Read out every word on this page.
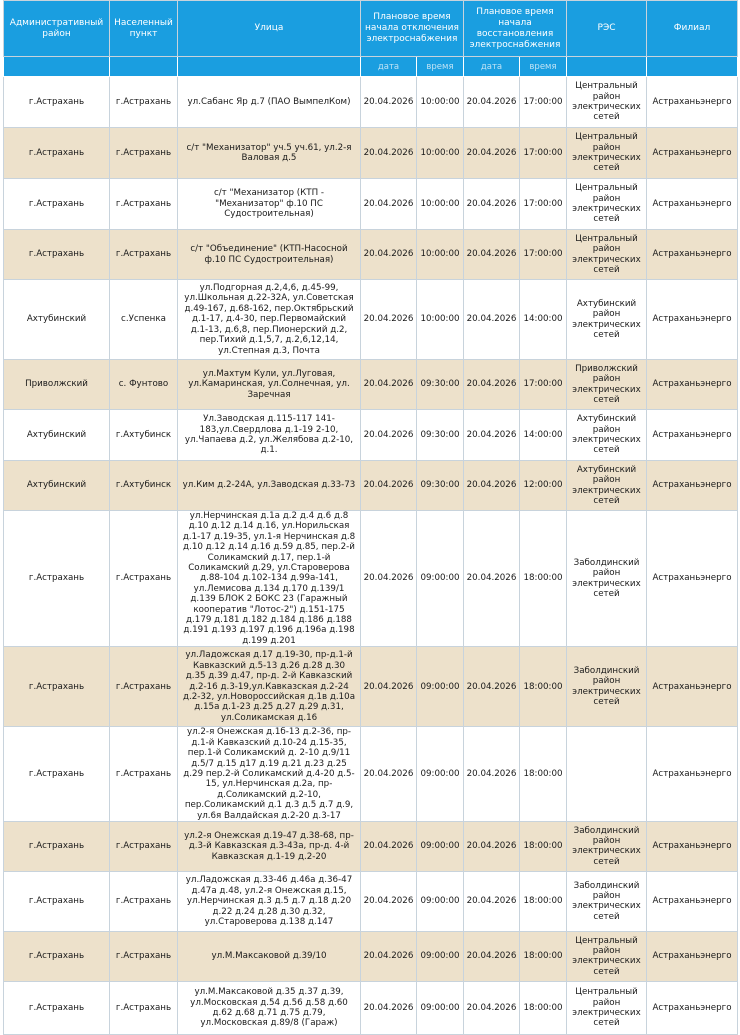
Административный район	Населенный пункт	Улица	Плановое время начала отключения электроснабжения		Плановое время начала восстановления электроснабжения		РЭС	Филиал
			дата	время	дата	время		
г.Астрахань	г.Астрахань	ул.Сабанс Яр д.7 (ПАО ВымпелКом)	20.04.2026	10:00:00	20.04.2026	17:00:00	Центральный район электрических сетей	Астраханьэнерго
г.Астрахань	г.Астрахань	с/т "Механизатор" уч.5 уч.61, ул.2-я Валовая д.5	20.04.2026	10:00:00	20.04.2026	17:00:00	Центральный район электрических сетей	Астраханьэнерго
г.Астрахань	г.Астрахань	с/т "Механизатор (КТП -"Механизатор" ф.10 ПС Судостроительная)	20.04.2026	10:00:00	20.04.2026	17:00:00	Центральный район электрических сетей	Астраханьэнерго
г.Астрахань	г.Астрахань	с/т "Объединение" (КТП-Насосной ф.10 ПС Судостроительная)	20.04.2026	10:00:00	20.04.2026	17:00:00	Центральный район электрических сетей	Астраханьэнерго
Ахтубинский	с.Успенка	ул.Подгорная д.2,4,6, д.45-99, ул.Школьная д.22-32А, ул.Советская д.49-167, д.68-162, пер.Октябрьский д.1-17, д.4-30, пер.Первомайский д.1-13, д.6,8, пер.Пионерский д.2, пер.Тихий д.1,5,7, д.2,6,12,14, ул.Степная д.3, Почта	20.04.2026	10:00:00	20.04.2026	14:00:00	Ахтубинский район электрических сетей	Астраханьэнерго
Приволжский	с. Фунтово	ул.Махтум Кули, ул.Луговая, ул.Камаринская, ул.Солнечная, ул. Заречная	20.04.2026	09:30:00	20.04.2026	17:00:00	Приволжский район электрических сетей	Астраханьэнерго
Ахтубинский	г.Ахтубинск	Ул.Заводская д.115-117 141-183,ул.Свердлова д.1-19 2-10, ул.Чапаева д.2, ул.Желябова д.2-10, д.1.	20.04.2026	09:30:00	20.04.2026	14:00:00	Ахтубинский район электрических сетей	Астраханьэнерго
Ахтубинский	г.Ахтубинск	ул.Ким д.2-24А, ул.Заводская д.33-73	20.04.2026	09:30:00	20.04.2026	12:00:00	Ахтубинский район электрических сетей	Астраханьэнерго
г.Астрахань	г.Астрахань	ул.Нерчинская д.1а д.2 д.4 д.6 д.8 д.10 д.12 д.14 д.16, ул.Норильская д.1-17 д.19-35, ул.1-я Нерчинская д.8 д.10 д.12 д.14 д.16 д.59 д.85, пер.2-й Соликамский д.17, пер.1-й Соликамский д.29, ул.Староверова д.88-104 д.102-134 д.99а-141, ул.Лемисова д.134 д.170 д.139/1 д.139 БЛОК 2 БОКС 23 (Гаражный кооператив "Лотос-2") д.151-175 д.179 д.181 д.182 д.184 д.186 д.188 д.191 д.193 д.197 д.196 д.196а д.198 д.199 д.201	20.04.2026	09:00:00	20.04.2026	18:00:00	Заболдинский район электрических сетей	Астраханьэнерго
г.Астрахань	г.Астрахань	ул.Ладожская д.17 д.19-30, пр-д.1-й Кавказский д.5-13 д.26 д.28 д.30 д.35 д.39 д.47, пр-д. 2-й Кавказский д.2-16 д.3-19,ул.Кавказская д.2-24 д.2-32, ул.Новороссийская д.1в д.10а д.15а д.1-23 д.25 д.27 д.29 д.31, ул.Соликамская д.16	20.04.2026	09:00:00	20.04.2026	18:00:00	Заболдинский район электрических сетей	Астраханьэнерго
г.Астрахань	г.Астрахань	ул.2-я Онежская д.1б-13 д.2-36, пр-д.1-й Кавказский д.10-24 д.15-35, пер.1-й Соликамский д. 2-10 д.9/11 д.5/7 д.15 д17 д.19 д.21 д.23 д.25 д.29 пер.2-й Соликамский д.4-20 д.5-15, ул.Нерчинская д.2а, пр-д.Соликамский д.2-10, пер.Соликамский д.1 д.3 д.5 д.7 д.9, ул.6я Валдайская д.2-20 д.3-17	20.04.2026	09:00:00	20.04.2026	18:00:00		Астраханьэнерго
г.Астрахань	г.Астрахань	ул.2-я Онежская д.19-47 д.38-68, пр-д.3-й Кавказская д.3-43а, пр-д. 4-й Кавказская д.1-19 д.2-20	20.04.2026	09:00:00	20.04.2026	18:00:00	Заболдинский район электрических сетей	Астраханьэнерго
г.Астрахань	г.Астрахань	ул.Ладожская д.33-46 д.46а д.36-47 д.47а д.48, ул.2-я Онежская д.15, ул.Нерчинская д.3 д.5 д.7 д.18 д.20 д.22 д.24 д.28 д.30 д.32, ул.Староверова д.138 д.147	20.04.2026	09:00:00	20.04.2026	18:00:00	Заболдинский район электрических сетей	Астраханьэнерго
г.Астрахань	г.Астрахань	ул.М.Максаковой д.39/10	20.04.2026	09:00:00	20.04.2026	18:00:00	Центральный район электрических сетей	Астраханьэнерго
г.Астрахань	г.Астрахань	ул.М.Максаковой д.35 д.37 д.39, ул.Московская д.54 д.56 д.58 д.60 д.62 д.68 д.71 д.75 д.79, ул.Московская д.89/8 (Гараж)	20.04.2026	09:00:00	20.04.2026	18:00:00	Центральный район электрических сетей	Астраханьэнерго
